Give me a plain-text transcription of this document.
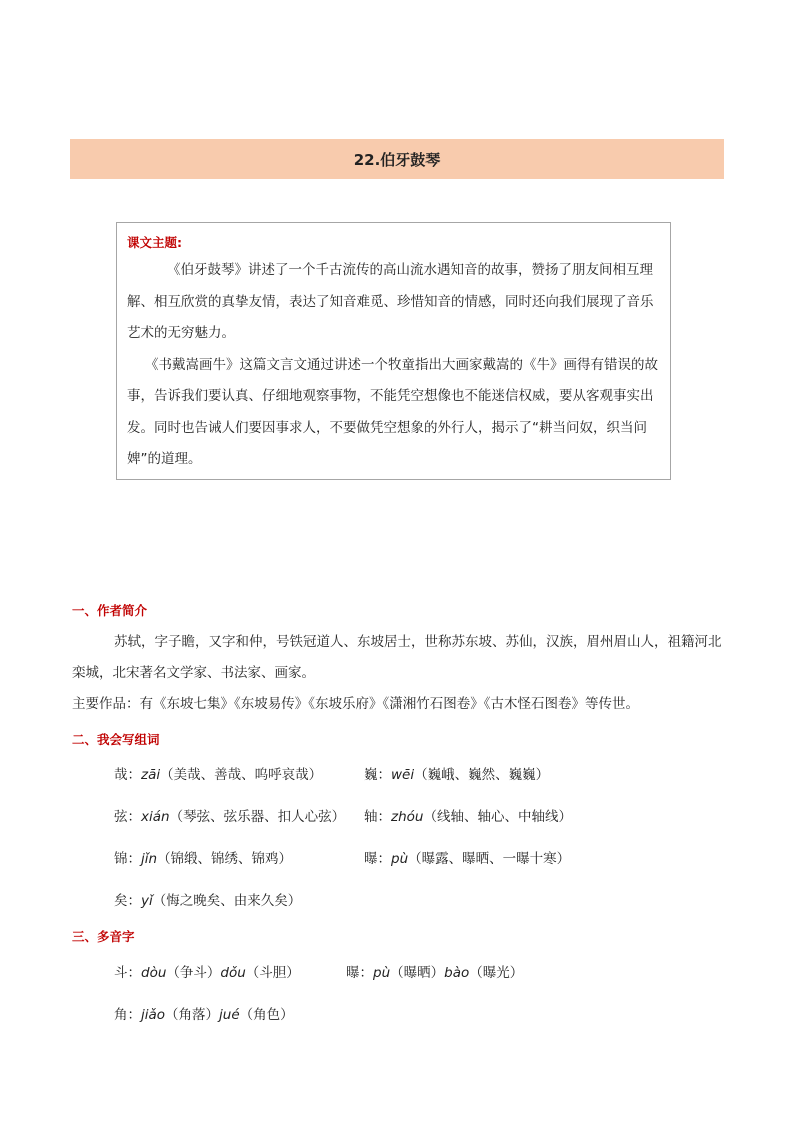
22.伯牙鼓琴
课文主题:

《伯牙鼓琴》讲述了一个千古流传的高山流水遇知音的故事，赞扬了朋友间相互理解、相互欣赏的真挚友情，表达了知音难觅、珍惜知音的情感，同时还向我们展现了音乐艺术的无穷魅力。

《书戴嵩画牛》这篇文言文通过讲述一个牧童指出大画家戴嵩的《牛》画得有错误的故事，告诉我们要认真、仔细地观察事物，不能凭空想像也不能迷信权威，要从客观事实出发。同时也告诫人们要因事求人，不要做凭空想象的外行人，揭示了“耕当问奴，织当问婢”的道理。

一、作者简介

苏轼，字子瞻，又字和仲，号铁冠道人、东坡居士，世称苏东坡、苏仙，汉族，眉州眉山人，祖籍河北栾城，北宋著名文学家、书法家、画家。

主要作品：有《东坡七集》《东坡易传》《东坡乐府》《潇湘竹石图卷》《古木怪石图卷》等传世。

二、我会写组词
哉：zāi（美哉、善哉、呜呼哀哉）	巍：wēi（巍峨、巍然、巍巍）
弦：xián（琴弦、弦乐器、扣人心弦） 轴：zhóu（线轴、轴心、中轴线）
锦：jǐn（锦缎、锦绣、锦鸡）	曝：pù（曝露、曝晒、一曝十寒）
矣：yǐ（悔之晚矣、由来久矣）
三、多音字
斗：dòu（争斗）dǒu（斗胆）	曝：pù（曝晒）bào（曝光）
角：jiǎo（角落）jué（角色）
